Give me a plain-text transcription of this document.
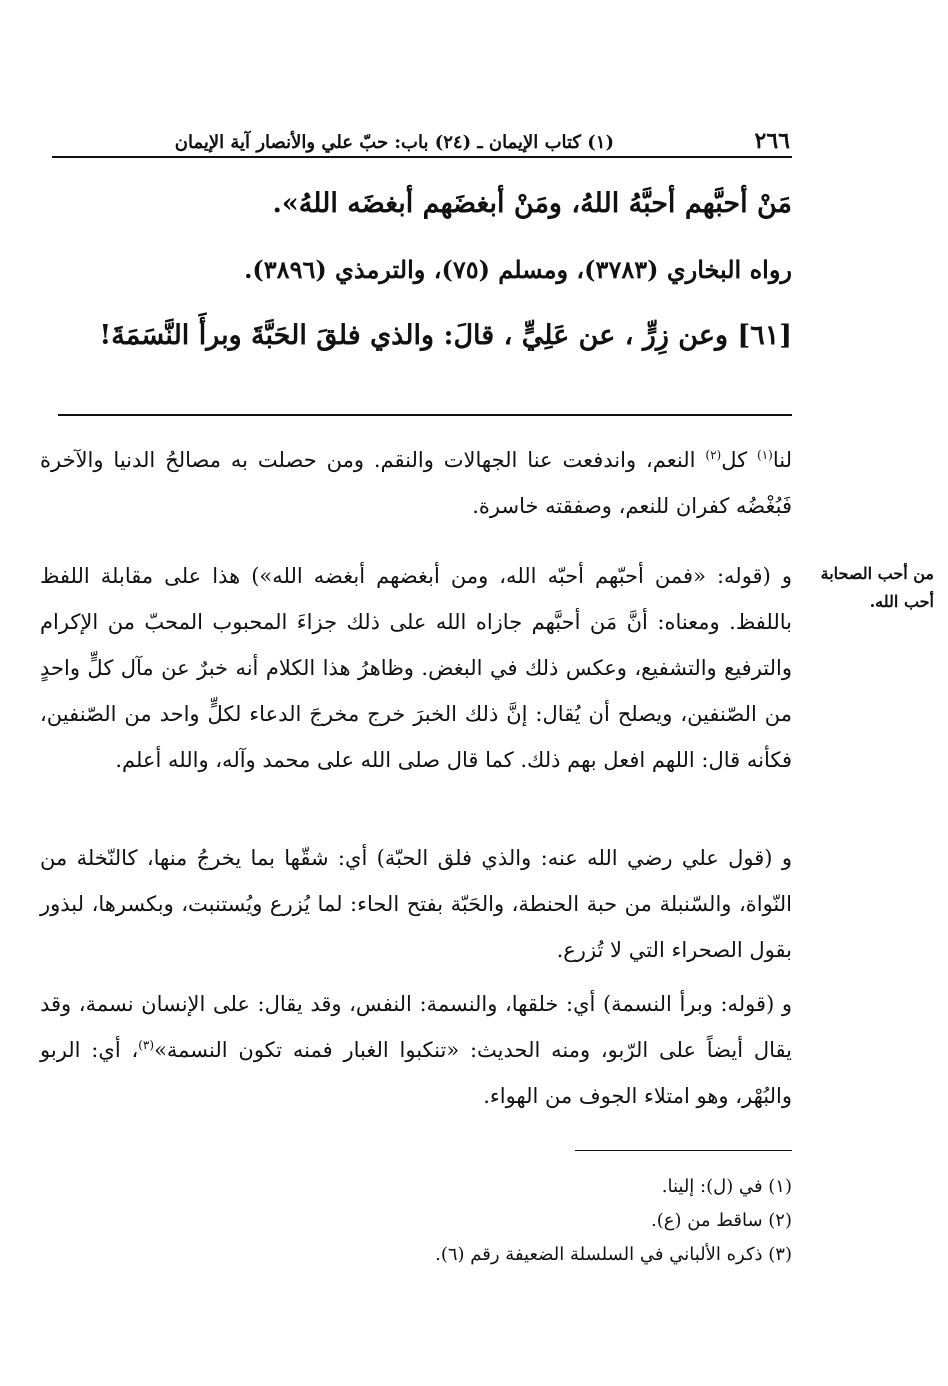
٢٦٦
(١) كتاب الإيمان ـ (٢٤) باب: حبّ علي والأنصار آية الإيمان
مَنْ أحبَّهم أحبَّهُ اللهُ، ومَنْ أبغضَهم أبغضَه اللهُ».
رواه البخاري (٣٧٨٣)، ومسلم (٧٥)، والترمذي (٣٨٩٦).
[٦١] وعن زِرٍّ ، عن عَلِيٍّ ، قالَ: والذي فلقَ الحَبَّةَ وبرأَ النَّسَمَةَ!
لنا$^{(١)}$ كل$^{(٢)}$ النعم، واندفعت عنا الجهالات والنقم. ومن حصلت به مصالحُ الدنيا والآخرة فَبُغْضُه كفران للنعم، وصفقته خاسرة.
و (قوله: «فمن أحبّهم أحبّه الله، ومن أبغضهم أبغضه الله») هذا على مقابلة اللفظ باللفظ. ومعناه: أنَّ مَن أحبَّهم جازاه الله على ذلك جزاءَ المحبوب المحبّ من الإكرام والترفيع والتشفيع، وعكس ذلك في البغض. وظاهرُ هذا الكلام أنه خبرٌ عن مآل كلٍّ واحدٍ من الصّنفين، ويصلح أن يُقال: إنَّ ذلك الخبرَ خرج مخرجَ الدعاء لكلٍّ واحد من الصّنفين، فكأنه قال: اللهم افعل بهم ذلك. كما قال صلى الله على محمد وآله، والله أعلم.
من أحب الصحابة أحب الله.
و (قول علي رضي الله عنه: والذي فلق الحبّة) أي: شقّها بما يخرجُ منها، كالنّخلة من النّواة، والسّنبلة من حبة الحنطة، والحَبّة بفتح الحاء: لما يُزرع ويُستنبت، وبكسرها، لبذور بقول الصحراء التي لا تُزرع.
و (قوله: وبرأ النسمة) أي: خلقها، والنسمة: النفس، وقد يقال: على الإنسان نسمة، وقد يقال أيضاً على الرّبو، ومنه الحديث: «تنكبوا الغبار فمنه تكون النسمة»$^{(٣)}$، أي: الربو والبُهْر، وهو امتلاء الجوف من الهواء.
(١) في (ل): إلينا.
(٢) ساقط من (ع).
(٣) ذكره الألباني في السلسلة الضعيفة رقم (٦).
